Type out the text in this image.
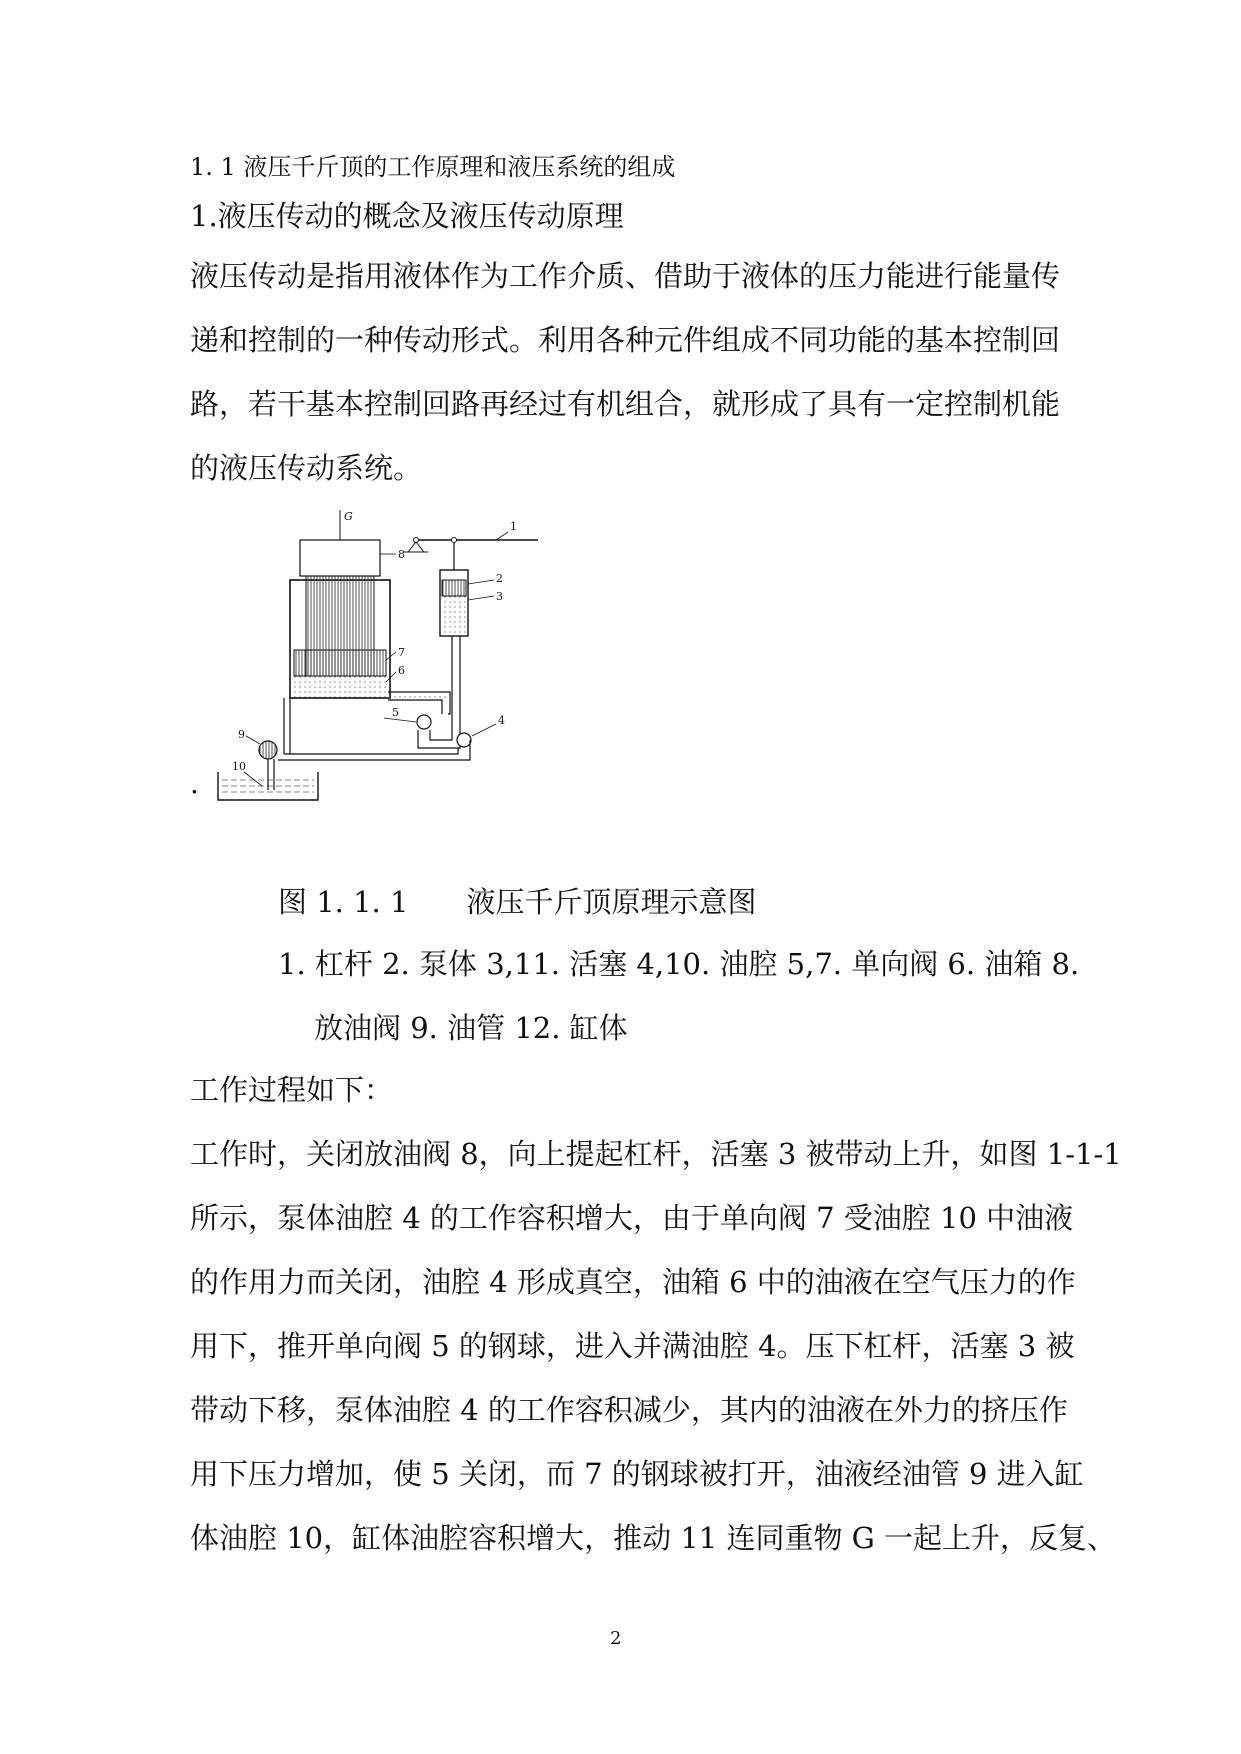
1. 1 液压千斤顶的工作原理和液压系统的组成
1.液压传动的概念及液压传动原理
液压传动是指用液体作为工作介质、借助于液体的压力能进行能量传
递和控制的一种传动形式。利用各种元件组成不同功能的基本控制回
路，若干基本控制回路再经过有机组合，就形成了具有一定控制机能
的液压传动系统。
G
8
7
6
1
2
3
5
4
9
10
.
图 1. 1. 1　　液压千斤顶原理示意图
1. 杠杆 2. 泵体 3,11. 活塞 4,10. 油腔 5,7. 单向阀 6. 油箱 8.
放油阀 9. 油管 12. 缸体
工作过程如下：
工作时，关闭放油阀 8，向上提起杠杆，活塞 3 被带动上升，如图 1-1-1
所示，泵体油腔 4 的工作容积增大，由于单向阀 7 受油腔 10 中油液
的作用力而关闭，油腔 4 形成真空，油箱 6 中的油液在空气压力的作
用下，推开单向阀 5 的钢球，进入并满油腔 4。压下杠杆，活塞 3 被
带动下移，泵体油腔 4 的工作容积减少，其内的油液在外力的挤压作
用下压力增加，使 5 关闭，而 7 的钢球被打开，油液经油管 9 进入缸
体油腔 10，缸体油腔容积增大，推动 11 连同重物 G 一起上升，反复、
2
